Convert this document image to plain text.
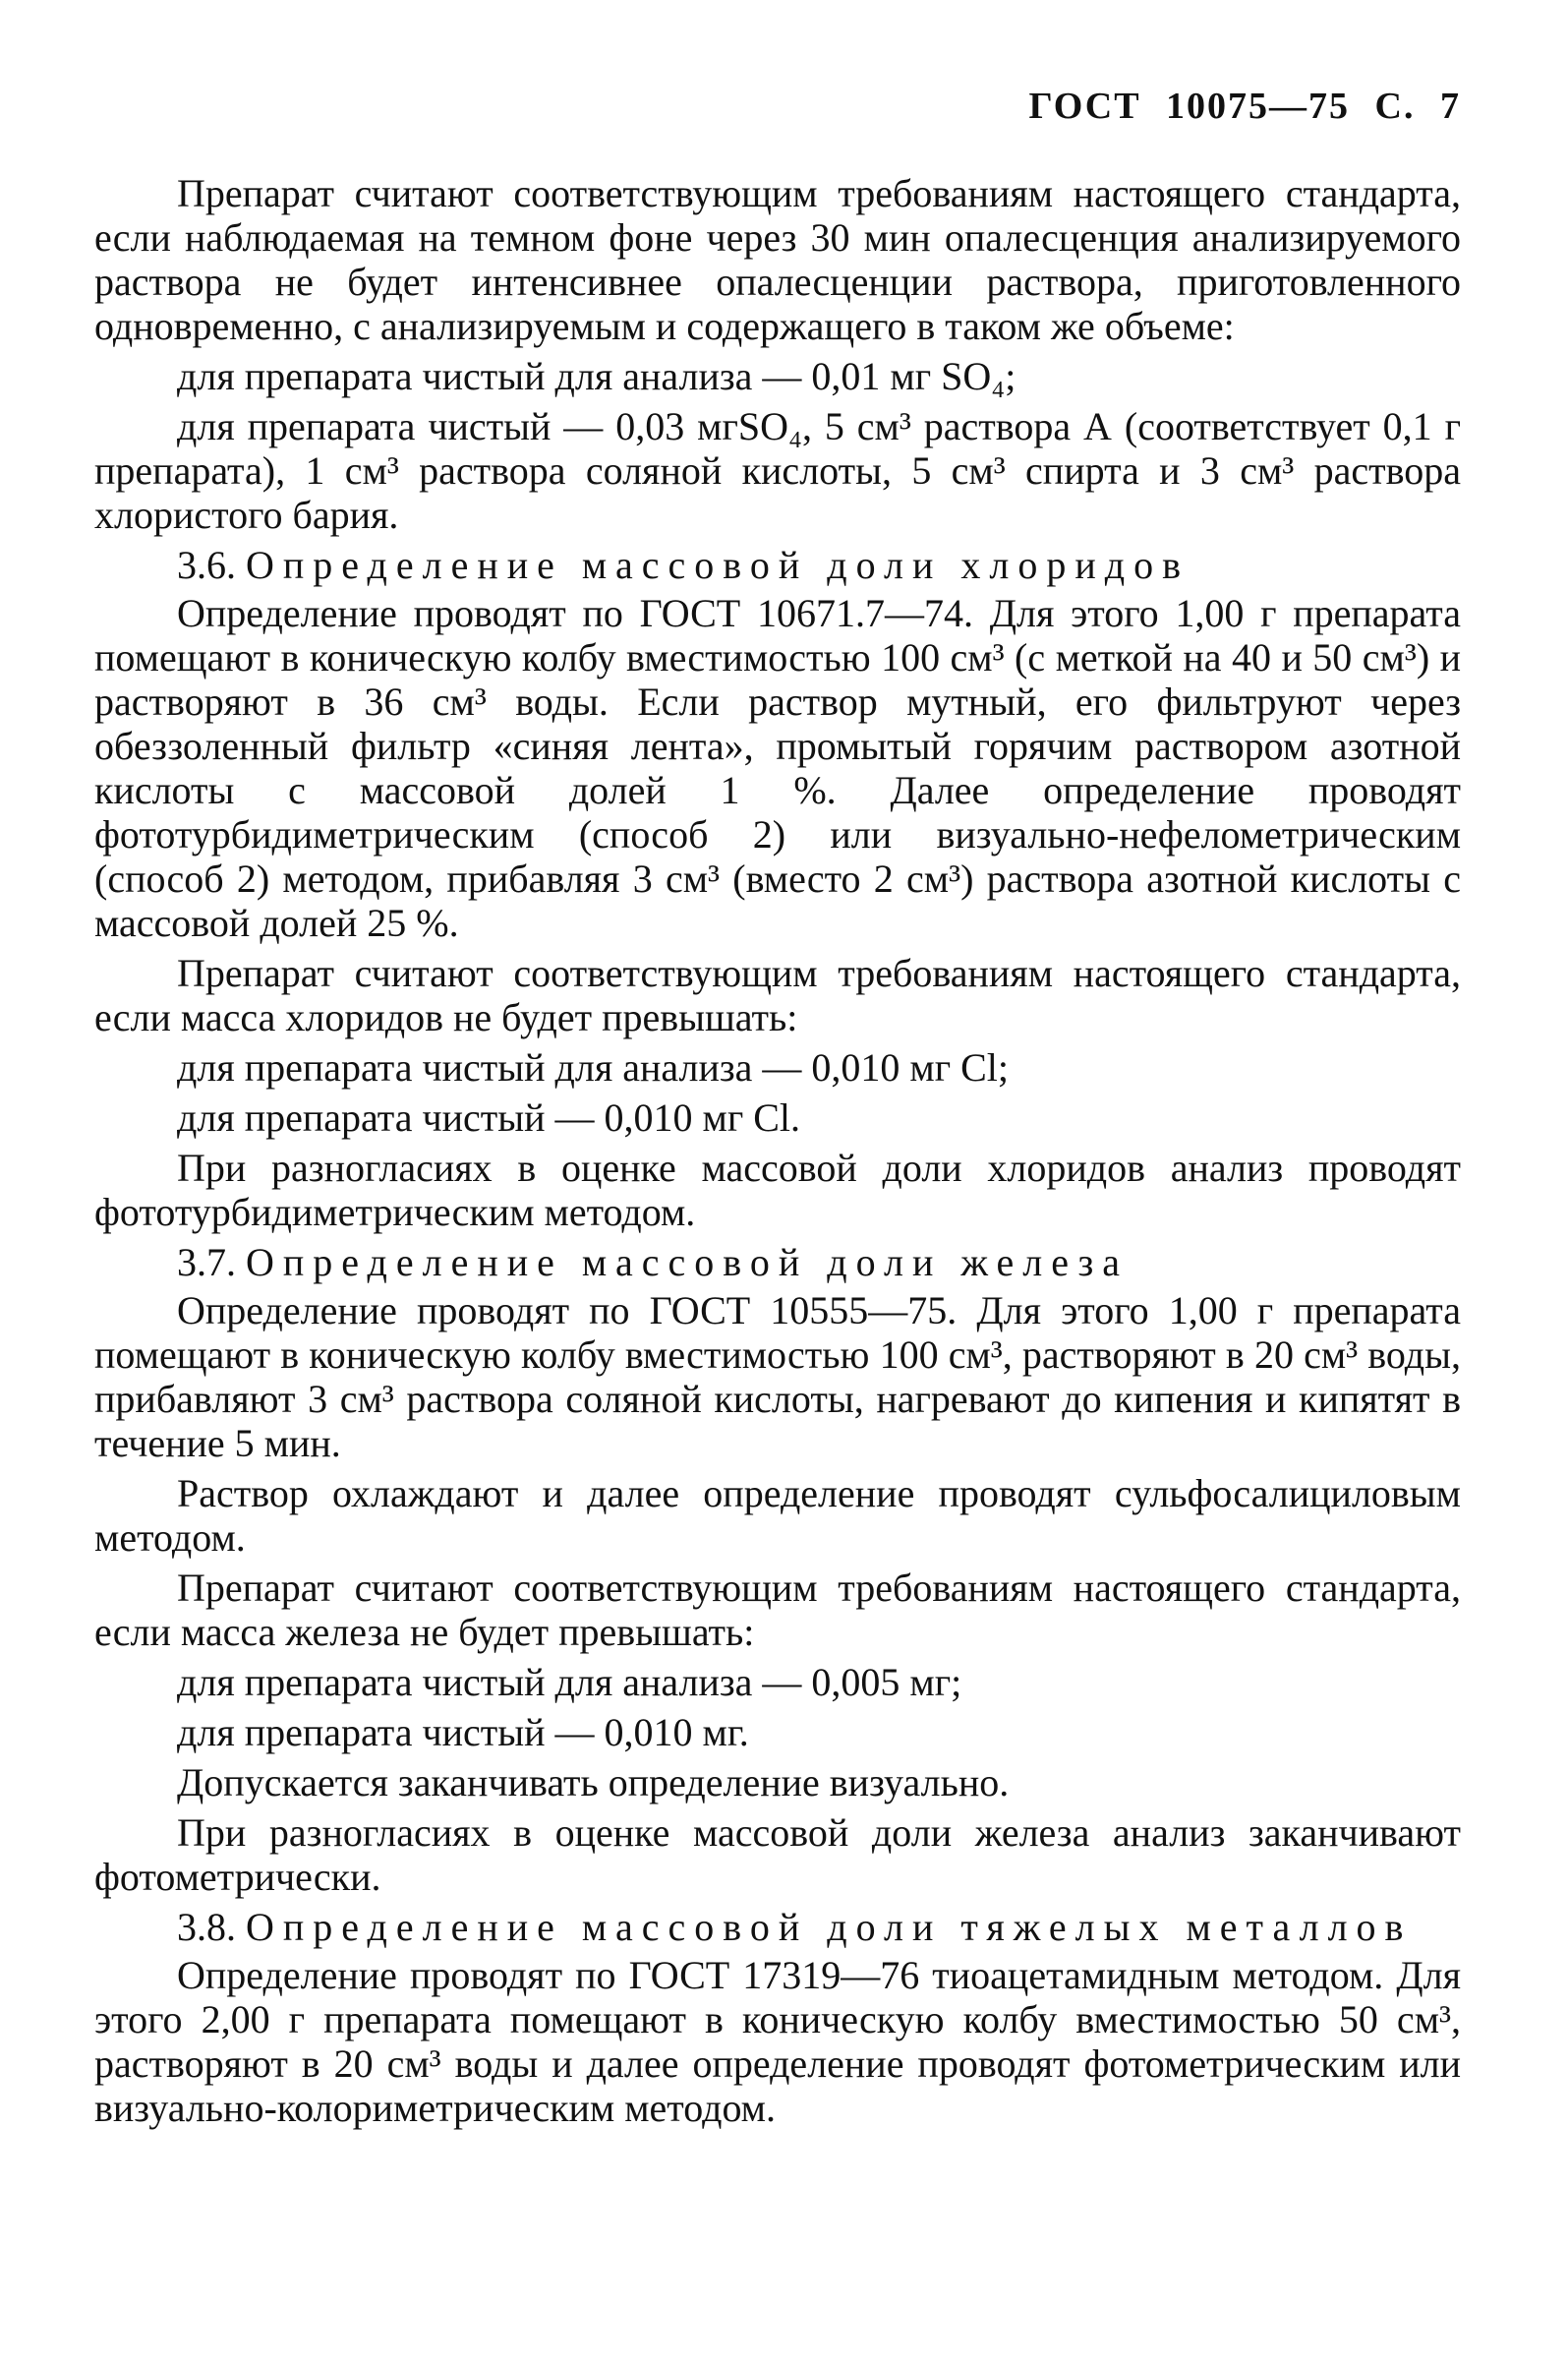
ГОСТ 10075—75 С. 7

Препарат считают соответствующим требованиям настоящего стандарта, если наблюдаемая на темном фоне через 30 мин опалесценция анализируемого раствора не будет интенсивнее опалесценции раствора, приготовленного одновременно, с анализируемым и содержащего в таком же объеме:

для препарата чистый для анализа — 0,01 мг SO₄;

для препарата чистый — 0,03 мгSO₄, 5 см³ раствора А (соответствует 0,1 г препарата), 1 см³ раствора соляной кислоты, 5 см³ спирта и 3 см³ раствора хлористого бария.

3.6. Определение массовой доли хлоридов

Определение проводят по ГОСТ 10671.7—74. Для этого 1,00 г препарата помещают в коническую колбу вместимостью 100 см³ (с меткой на 40 и 50 см³) и растворяют в 36 см³ воды. Если раствор мутный, его фильтруют через обеззоленный фильтр «синяя лента», промытый горячим раствором азотной кислоты с массовой долей 1 %. Далее определение проводят фототурбидиметрическим (способ 2) или визуально-нефелометрическим (способ 2) методом, прибавляя 3 см³ (вместо 2 см³) раствора азотной кислоты с массовой долей 25 %.

Препарат считают соответствующим требованиям настоящего стандарта, если масса хлоридов не будет превышать:

для препарата чистый для анализа — 0,010 мг Cl;

для препарата чистый — 0,010 мг Cl.

При разногласиях в оценке массовой доли хлоридов анализ проводят фототурбидиметрическим методом.

3.7. Определение массовой доли железа

Определение проводят по ГОСТ 10555—75. Для этого 1,00 г препарата помещают в коническую колбу вместимостью 100 см³, растворяют в 20 см³ воды, прибавляют 3 см³ раствора соляной кислоты, нагревают до кипения и кипятят в течение 5 мин.

Раствор охлаждают и далее определение проводят сульфосалициловым методом.

Препарат считают соответствующим требованиям настоящего стандарта, если масса железа не будет превышать:

для препарата чистый для анализа — 0,005 мг;

для препарата чистый — 0,010 мг.

Допускается заканчивать определение визуально.

При разногласиях в оценке массовой доли железа анализ заканчивают фотометрически.

3.8. Определение массовой доли тяжелых металлов

Определение проводят по ГОСТ 17319—76 тиоацетамидным методом. Для этого 2,00 г препарата помещают в коническую колбу вместимостью 50 см³, растворяют в 20 см³ воды и далее определение проводят фотометрическим или визуально-колориметрическим методом.
